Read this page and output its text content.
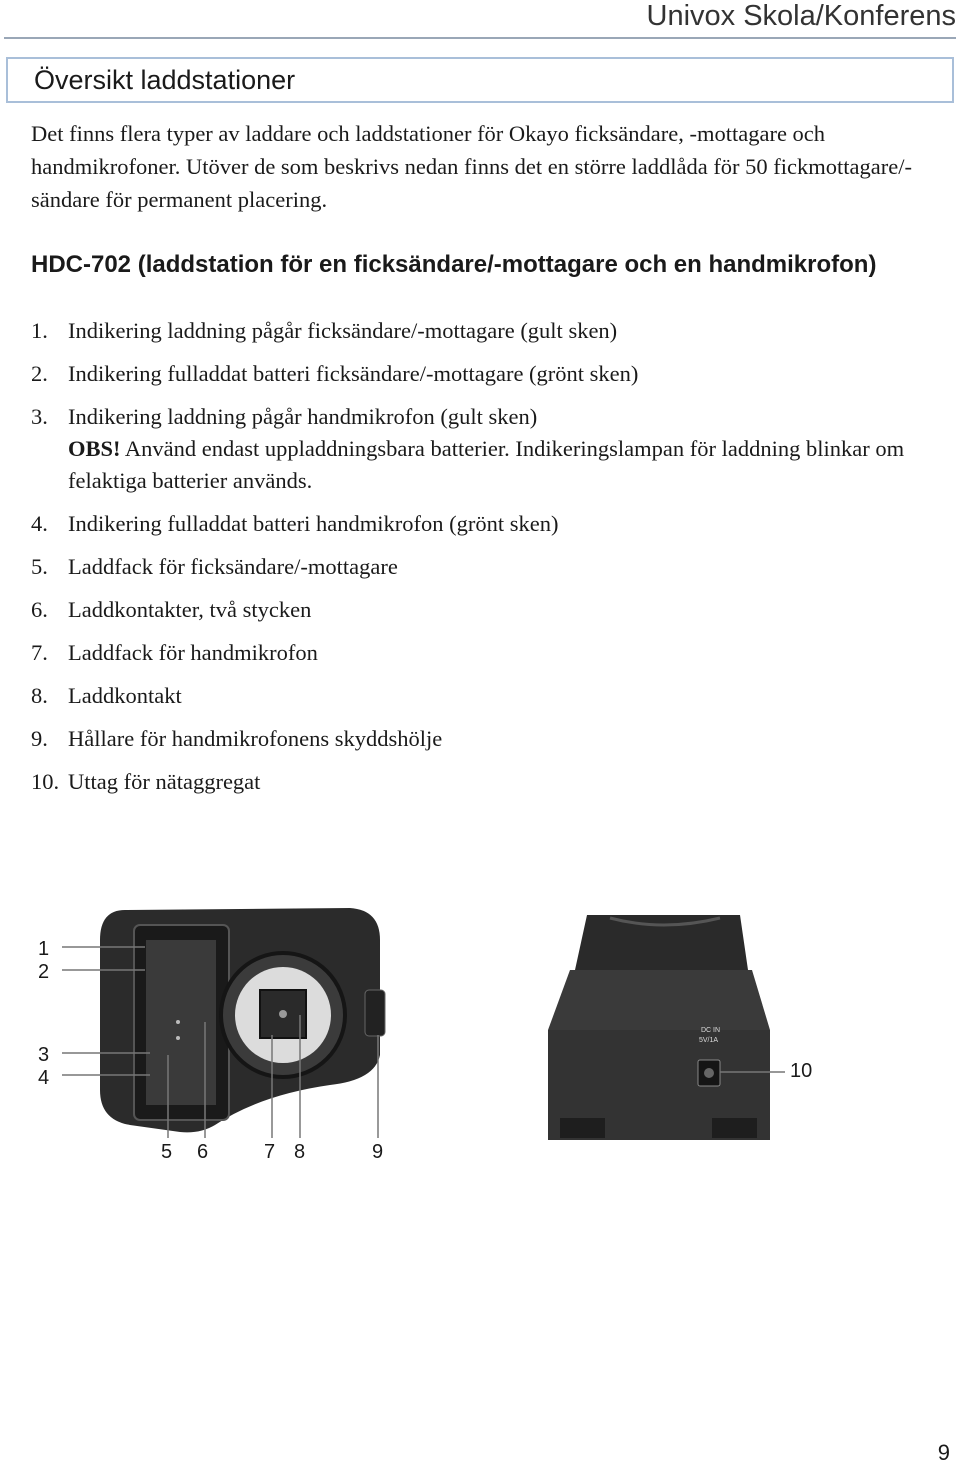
Univox Skola/Konferens
Översikt laddstationer
Det finns flera typer av laddare och laddstationer för Okayo ficksändare, -mottagare och handmikrofoner. Utöver de som beskrivs nedan finns det en större laddlåda för 50 fickmottagare/-sändare för permanent placering.
HDC-702 (laddstation för en ficksändare/-mottagare och en handmikrofon)
1. Indikering laddning pågår ficksändare/-mottagare (gult sken)
2. Indikering fulladdat batteri ficksändare/-mottagare (grönt sken)
3. Indikering laddning pågår handmikrofon (gult sken)
OBS! Använd endast uppladdningsbara batterier. Indikeringslampan för laddning blinkar om felaktiga batterier används.
4. Indikering fulladdat batteri handmikrofon (grönt sken)
5. Laddfack för ficksändare/-mottagare
6. Laddkontakter, två stycken
7. Laddfack för handmikrofon
8. Laddkontakt
9. Hållare för handmikrofonens skyddshölje
10. Uttag för nätaggregat
1
2
3
4
5 6	7 8	9
DC IN
5V/1A
10
9
